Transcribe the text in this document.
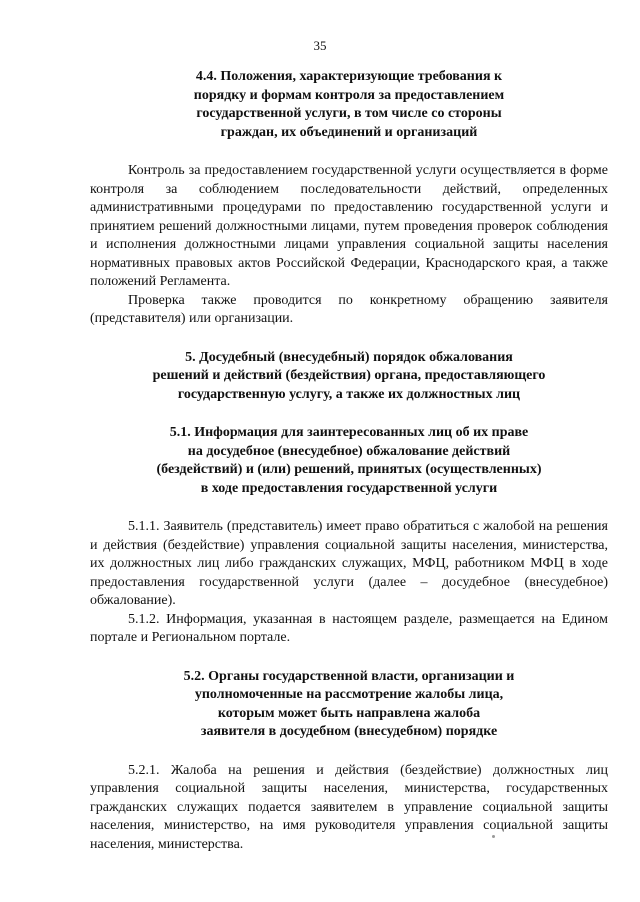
35
4.4. Положения, характеризующие требования к
порядку и формам контроля за предоставлением
государственной услуги, в том числе со стороны
граждан, их объединений и организаций

Контроль за предоставлением государственной услуги осуществляется в форме контроля за соблюдением последовательности действий, определенных административными процедурами по предоставлению государственной услуги и принятием решений должностными лицами, путем проведения проверок соблюдения и исполнения должностными лицами управления социальной защиты населения нормативных правовых актов Российской Федерации, Краснодарского края, а также положений Регламента.

Проверка также проводится по конкретному обращению заявителя (представителя) или организации.

5. Досудебный (внесудебный) порядок обжалования
решений и действий (бездействия) органа, предоставляющего
государственную услугу, а также их должностных лиц
5.1. Информация для заинтересованных лиц об их праве
на досудебное (внесудебное) обжалование действий
(бездействий) и (или) решений, принятых (осуществленных)
в ходе предоставления государственной услуги

5.1.1. Заявитель (представитель) имеет право обратиться с жалобой на решения и действия (бездействие) управления социальной защиты населения, министерства, их должностных лиц либо гражданских служащих, МФЦ, работником МФЦ в ходе предоставления государственной услуги (далее – досудебное (внесудебное) обжалование).

5.1.2. Информация, указанная в настоящем разделе, размещается на Едином портале и Региональном портале.

5.2. Органы государственной власти, организации и
уполномоченные на рассмотрение жалобы лица,
которым может быть направлена жалоба
заявителя в досудебном (внесудебном) порядке

5.2.1. Жалоба на решения и действия (бездействие) должностных лиц управления социальной защиты населения, министерства, государственных гражданских служащих подается заявителем в управление социальной защиты населения, министерство, на имя руководителя управления социальной защиты населения, министерства.
